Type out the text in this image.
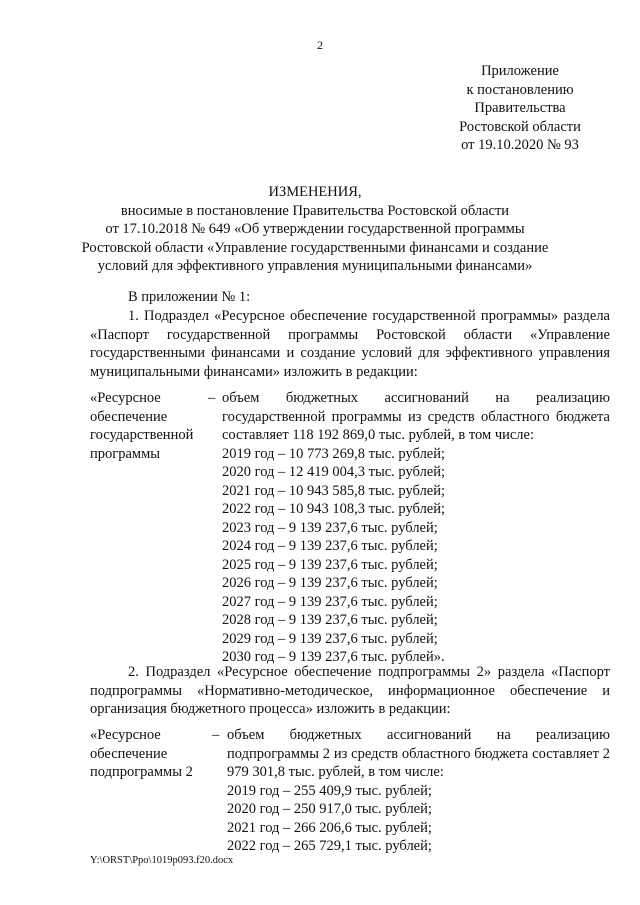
2
Приложение
к постановлению
Правительства
Ростовской области
от 19.10.2020 № 93
ИЗМЕНЕНИЯ,
вносимые в постановление Правительства Ростовской области
от 17.10.2018 № 649 «Об утверждении государственной программы
Ростовской области «Управление государственными финансами и создание
условий для эффективного управления муниципальными финансами»
В приложении № 1:
1. Подраздел «Ресурсное обеспечение государственной программы» раздела «Паспорт государственной программы Ростовской области «Управление государственными финансами и создание условий для эффективного управления муниципальными финансами» изложить в редакции:
«Ресурсное
обеспечение
государственной
программы
– объем бюджетных ассигнований на реализацию государственной программы из средств областного бюджета составляет 118 192 869,0 тыс. рублей, в том числе:
2019 год – 10 773 269,8 тыс. рублей;
2020 год – 12 419 004,3 тыс. рублей;
2021 год – 10 943 585,8 тыс. рублей;
2022 год – 10 943 108,3 тыс. рублей;
2023 год – 9 139 237,6 тыс. рублей;
2024 год – 9 139 237,6 тыс. рублей;
2025 год – 9 139 237,6 тыс. рублей;
2026 год – 9 139 237,6 тыс. рублей;
2027 год – 9 139 237,6 тыс. рублей;
2028 год – 9 139 237,6 тыс. рублей;
2029 год – 9 139 237,6 тыс. рублей;
2030 год – 9 139 237,6 тыс. рублей».
2. Подраздел «Ресурсное обеспечение подпрограммы 2» раздела «Паспорт подпрограммы «Нормативно-методическое, информационное обеспечение и организация бюджетного процесса» изложить в редакции:
«Ресурсное
обеспечение
подпрограммы 2
– объем бюджетных ассигнований на реализацию подпрограммы 2 из средств областного бюджета составляет 2 979 301,8 тыс. рублей, в том числе:
2019 год – 255 409,9 тыс. рублей;
2020 год – 250 917,0 тыс. рублей;
2021 год – 266 206,6 тыс. рублей;
2022 год – 265 729,1 тыс. рублей;
Y:\ORST\Ppo\1019p093.f20.docx
